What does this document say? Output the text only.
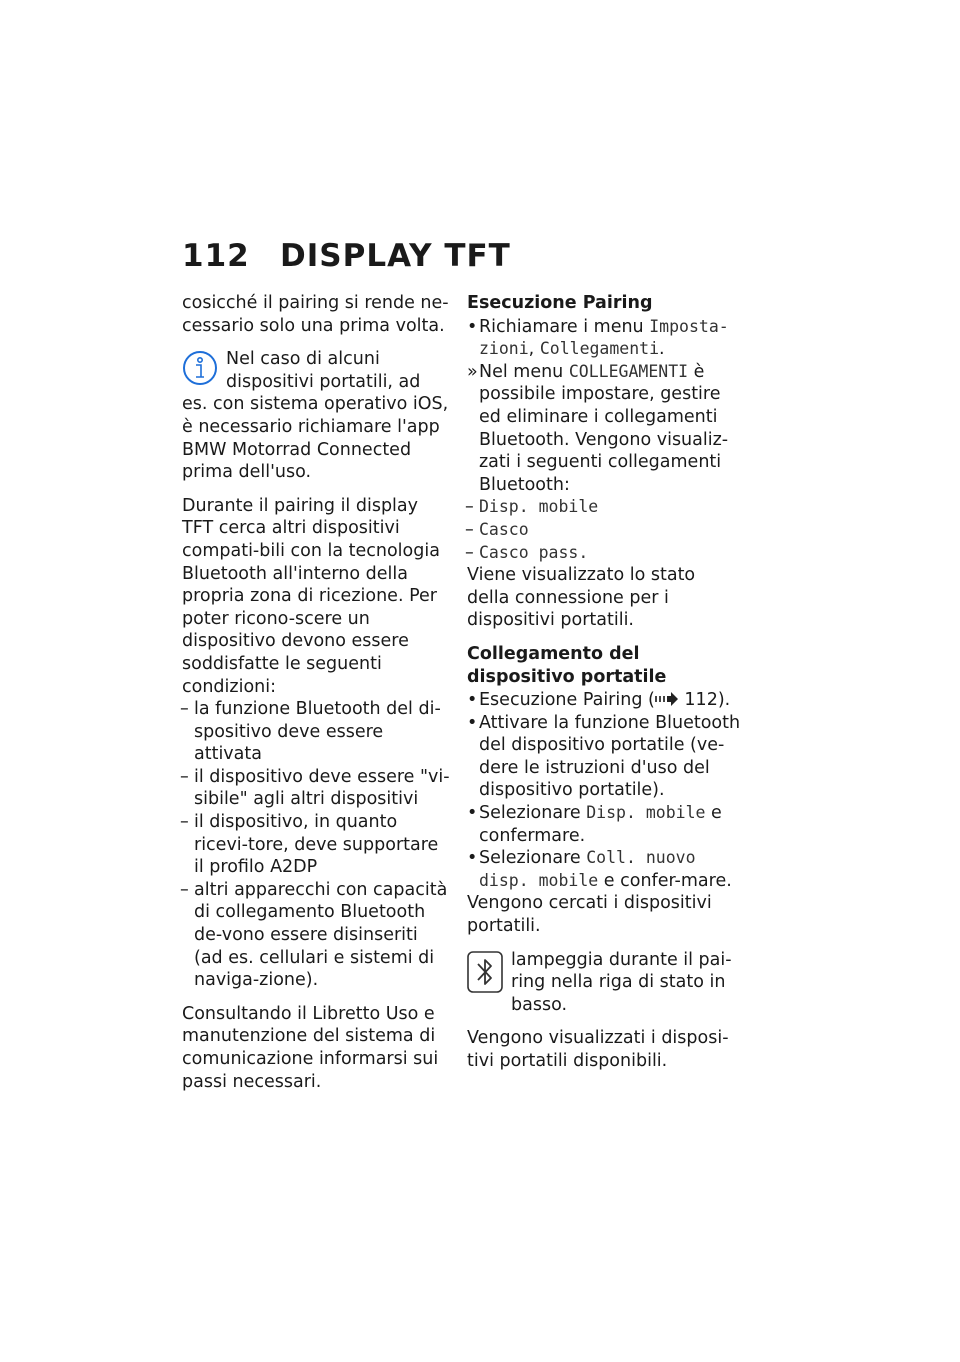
112 DISPLAY TFT

cosicché il pairing si rende ne-cessario solo una prima volta.

Nel caso di alcuni dispositivi portatili, ad es. con sistema operativo iOS, è necessario richiamare l'app BMW Motorrad Connected prima dell'uso.

Durante il pairing il display TFT cerca altri dispositivi compati-bili con la tecnologia Bluetooth all'interno della propria zona di ricezione. Per poter ricono-scere un dispositivo devono essere soddisfatte le seguenti condizioni:

– la funzione Bluetooth del di-spositivo deve essere attivata
– il dispositivo deve essere "vi-sibile" agli altri dispositivi
– il dispositivo, in quanto ricevi-tore, deve supportare il profilo A2DP
– altri apparecchi con capacità di collegamento Bluetooth de-vono essere disinseriti (ad es. cellulari e sistemi di naviga-zione).

Consultando il Libretto Uso e manutenzione del sistema di comunicazione informarsi sui passi necessari.

Esecuzione Pairing
• Richiamare i menu Imposta-zioni, Collegamenti.
» Nel menu COLLEGAMENTI è possibile impostare, gestire ed eliminare i collegamenti Bluetooth. Vengono visualiz-zati i seguenti collegamenti Bluetooth:
– Disp. mobile
– Casco
– Casco pass.

Viene visualizzato lo stato della connessione per i dispositivi portatili.

Collegamento del dispositivo portatile
• Esecuzione Pairing ( 112).
• Attivare la funzione Bluetooth del dispositivo portatile (ve-dere le istruzioni d'uso del dispositivo portatile).
• Selezionare Disp. mobile e confermare.
• Selezionare Coll. nuovo disp. mobile e confer-mare.

Vengono cercati i dispositivi portatili.

lampeggia durante il pai-ring nella riga di stato in basso.

Vengono visualizzati i disposi-tivi portatili disponibili.
